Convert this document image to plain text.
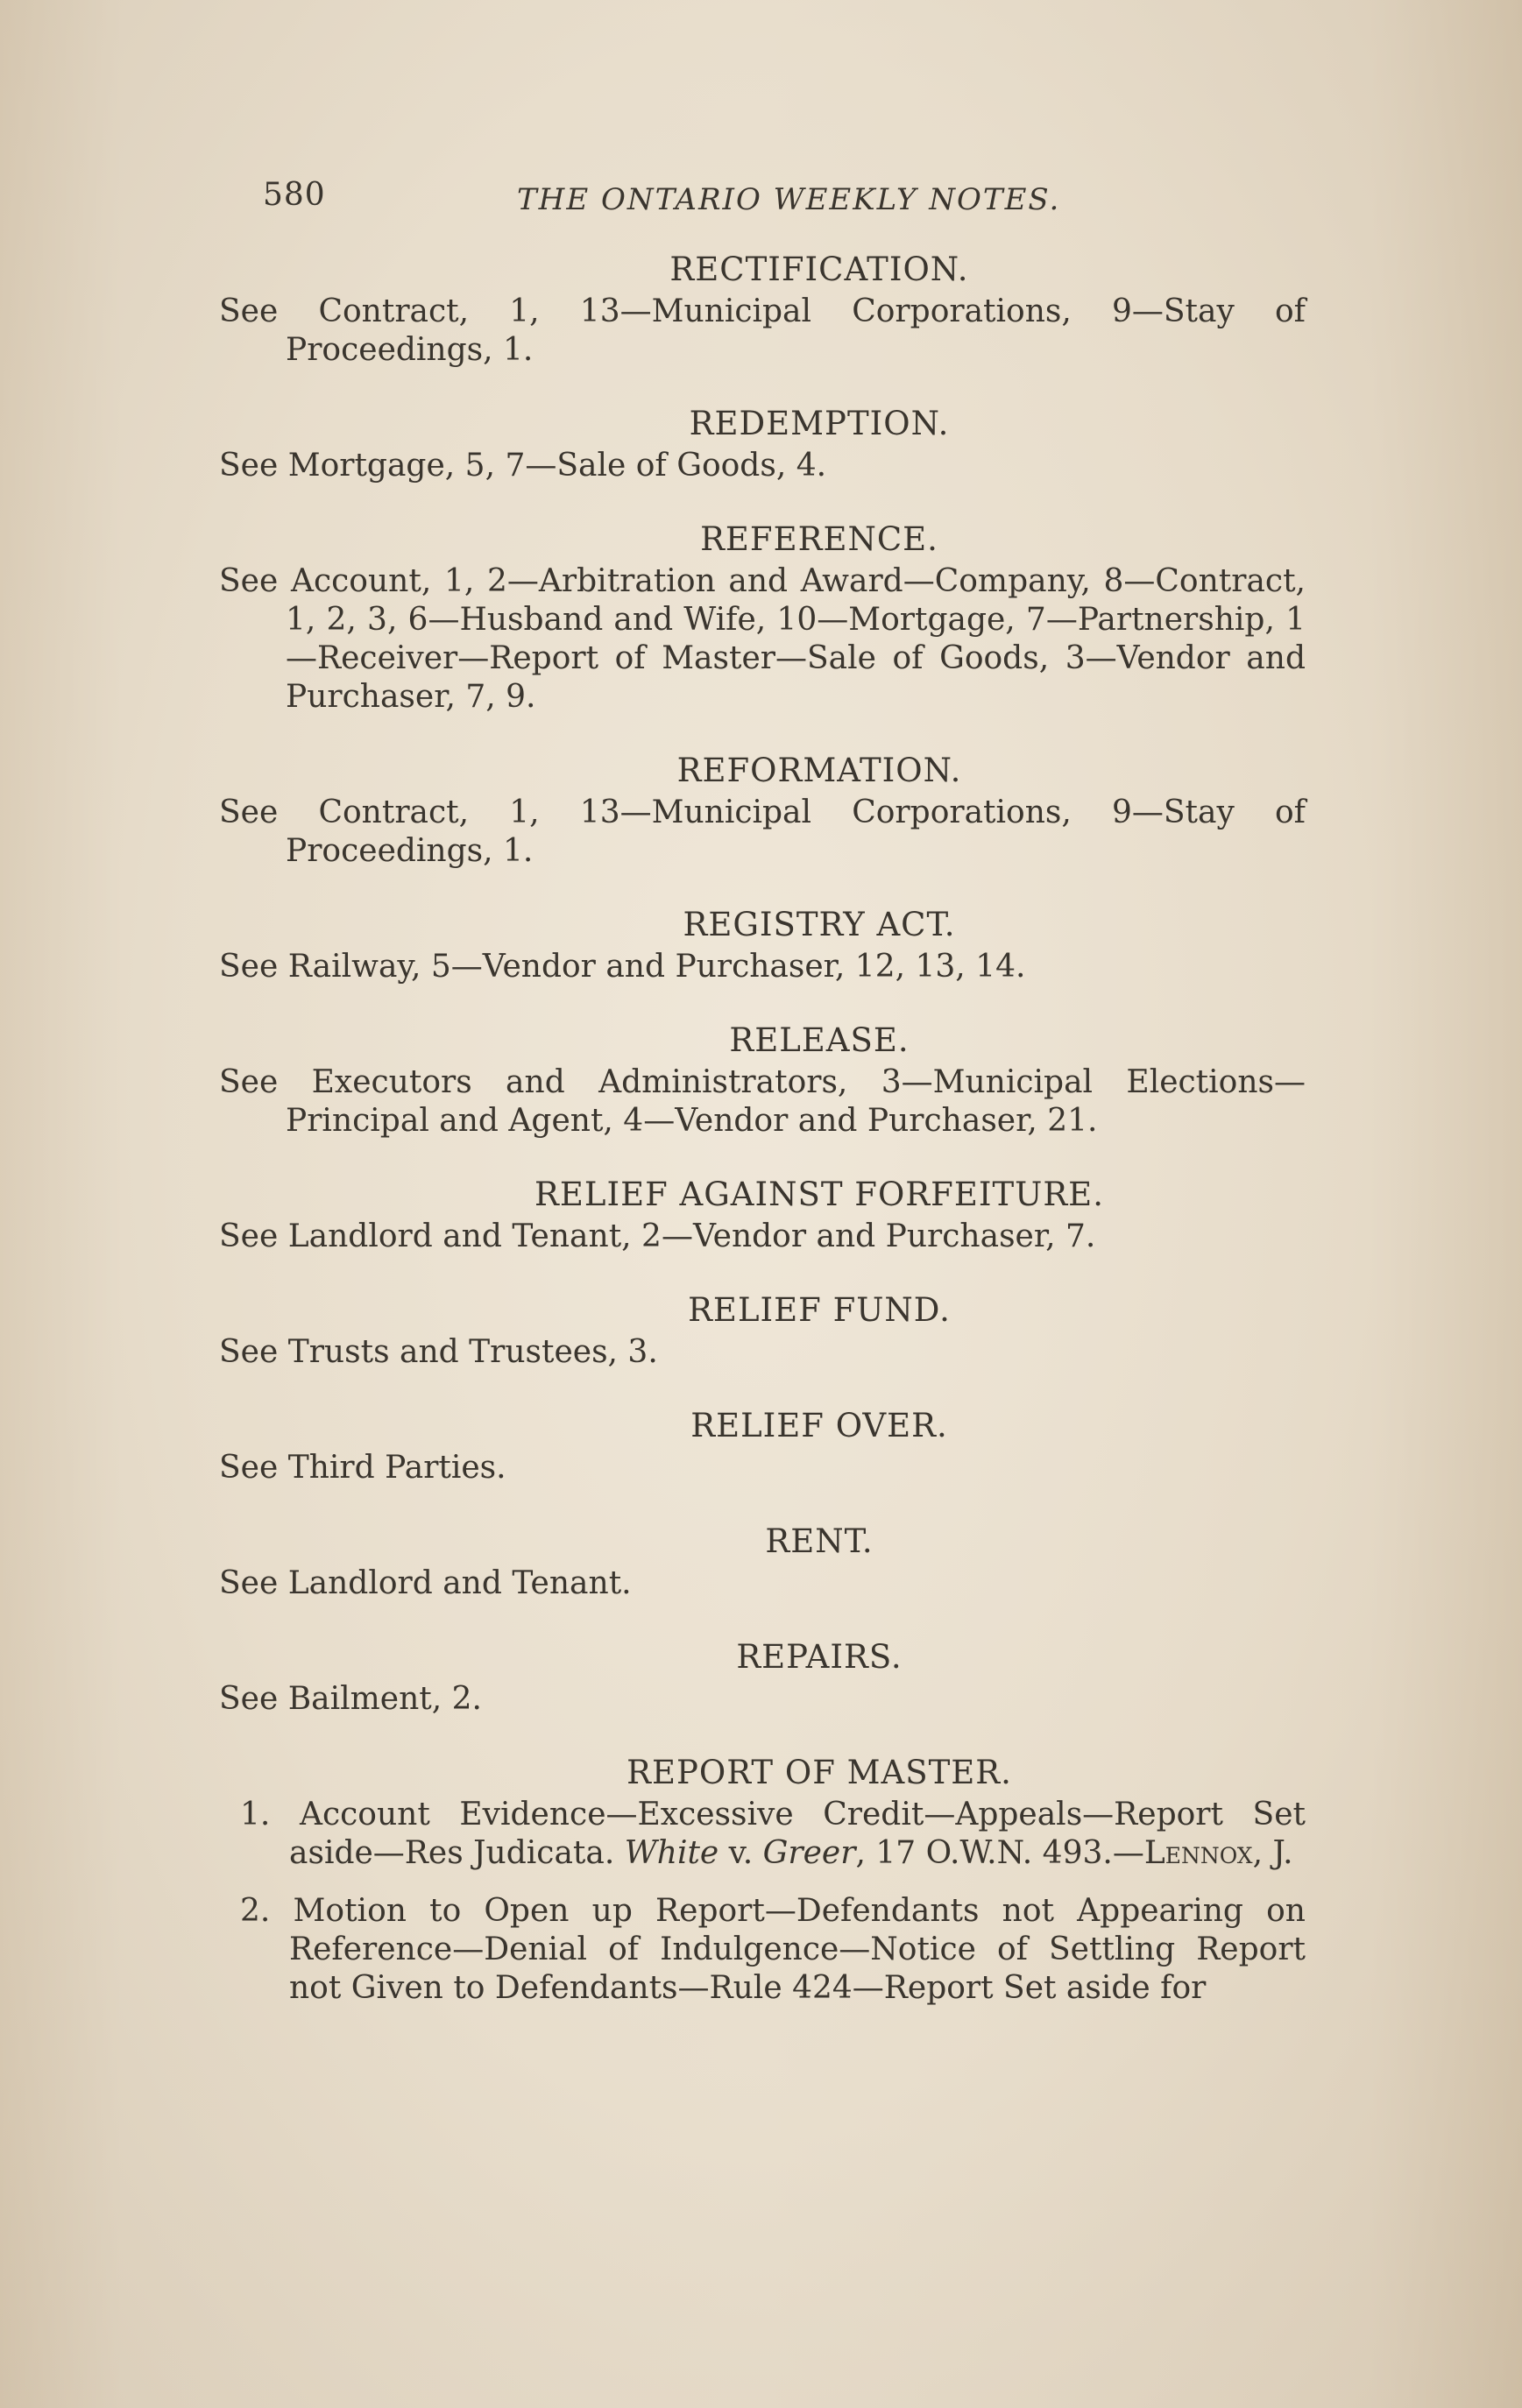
580	THE ONTARIO WEEKLY NOTES.

RECTIFICATION.

See Contract, 1, 13—Municipal Corporations, 9—Stay of Proceedings, 1.

REDEMPTION.

See Mortgage, 5, 7—Sale of Goods, 4.

REFERENCE.

See Account, 1, 2—Arbitration and Award—Company, 8—Contract, 1, 2, 3, 6—Husband and Wife, 10—Mortgage, 7—Partnership, 1—Receiver—Report of Master—Sale of Goods, 3—Vendor and Purchaser, 7, 9.

REFORMATION.

See Contract, 1, 13—Municipal Corporations, 9—Stay of Proceedings, 1.

REGISTRY ACT.

See Railway, 5—Vendor and Purchaser, 12, 13, 14.

RELEASE.

See Executors and Administrators, 3—Municipal Elections—Principal and Agent, 4—Vendor and Purchaser, 21.

RELIEF AGAINST FORFEITURE.

See Landlord and Tenant, 2—Vendor and Purchaser, 7.

RELIEF FUND.

See Trusts and Trustees, 3.

RELIEF OVER.

See Third Parties.

RENT.

See Landlord and Tenant.

REPAIRS.

See Bailment, 2.

REPORT OF MASTER.

1. Account Evidence—Excessive Credit—Appeals—Report Set aside—Res Judicata. White v. Greer, 17 O.W.N. 493.—Lennox, J.
2. Motion to Open up Report—Defendants not Appearing on Reference—Denial of Indulgence—Notice of Settling Report not Given to Defendants—Rule 424—Report Set aside for
